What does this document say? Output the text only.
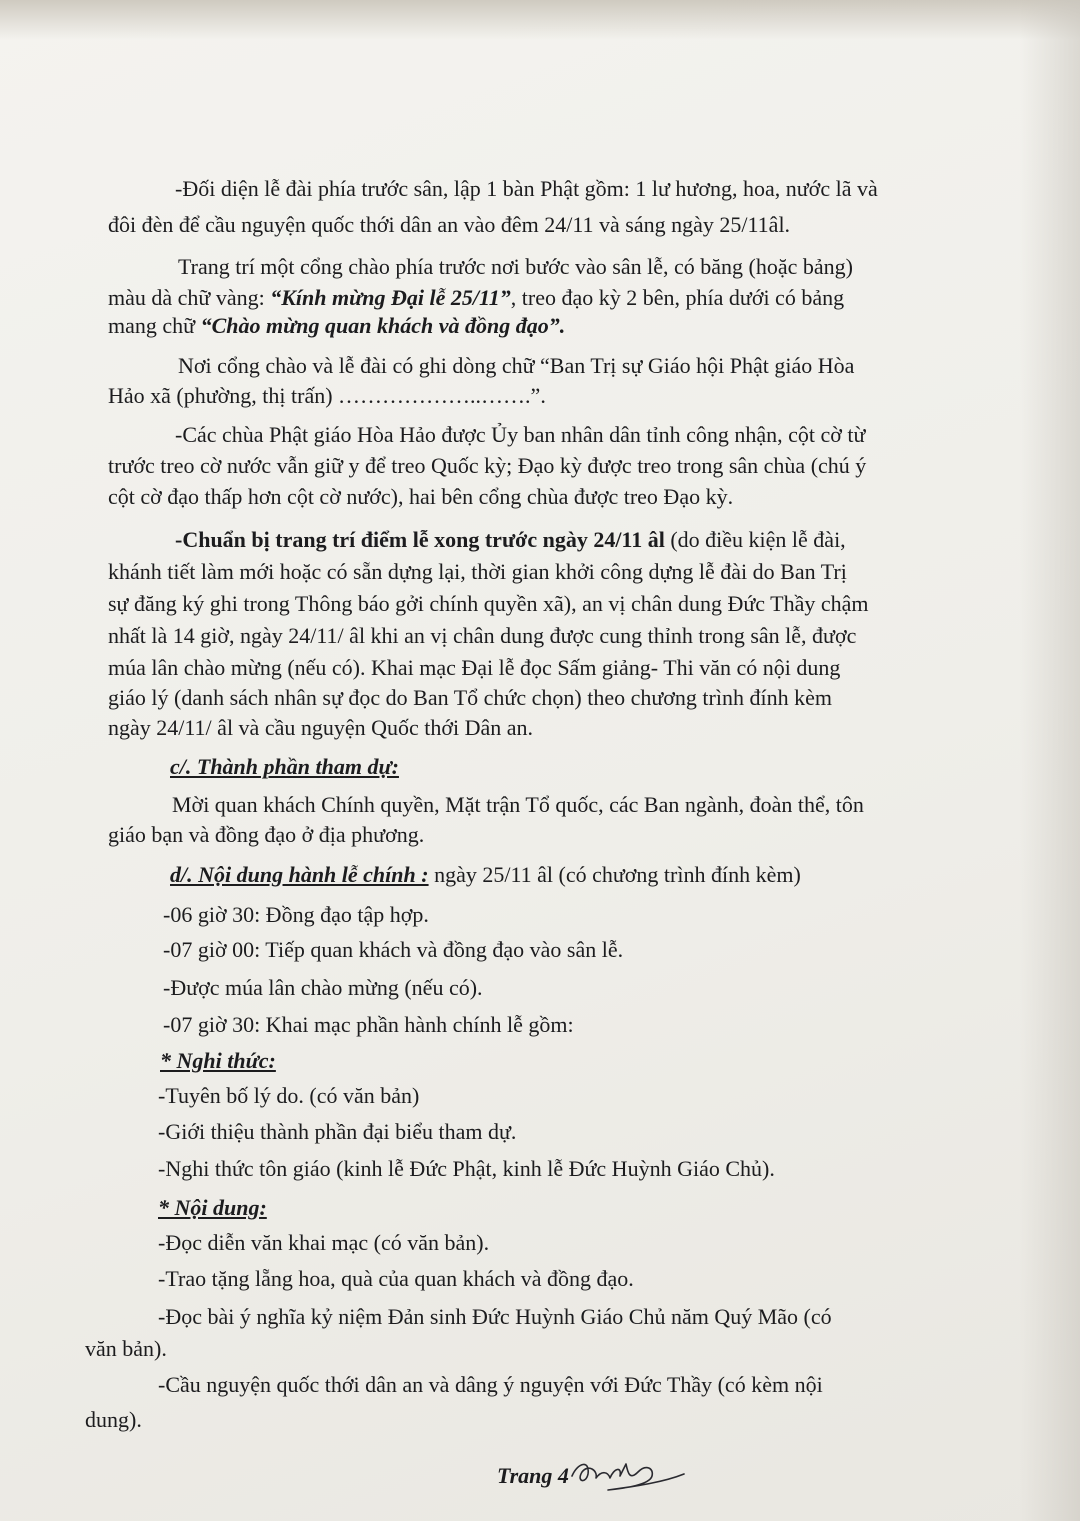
-Đối diện lễ đài phía trước sân, lập 1 bàn Phật gồm: 1 lư hương, hoa, nước lã và
đôi đèn để cầu nguyện quốc thới dân an vào đêm 24/11 và sáng ngày 25/11âl.
Trang trí một cổng chào phía trước nơi bước vào sân lễ, có băng (hoặc bảng)
màu dà chữ vàng: “Kính mừng Đại lễ 25/11”, treo đạo kỳ 2 bên, phía dưới có bảng
mang chữ “Chào mừng quan khách và đồng đạo”.
Nơi cổng chào và lễ đài có ghi dòng chữ “Ban Trị sự Giáo hội Phật giáo Hòa
Hảo xã (phường, thị trấn) ………………..…….”.
-Các chùa Phật giáo Hòa Hảo được Ủy ban nhân dân tỉnh công nhận, cột cờ từ
trước treo cờ nước vẫn giữ y để treo Quốc kỳ; Đạo kỳ được treo trong sân chùa (chú ý
cột cờ đạo thấp hơn cột cờ nước), hai bên cổng chùa được treo Đạo kỳ.
-Chuẩn bị trang trí điểm lễ xong trước ngày 24/11 âl (do điều kiện lễ đài,
khánh tiết làm mới hoặc có sẵn dựng lại, thời gian khởi công dựng lễ đài do Ban Trị
sự đăng ký ghi trong Thông báo gởi chính quyền xã), an vị chân dung Đức Thầy chậm
nhất là 14 giờ, ngày 24/11/ âl khi an vị chân dung được cung thỉnh trong sân lễ, được
múa lân chào mừng (nếu có). Khai mạc Đại lễ đọc Sấm giảng- Thi văn có nội dung
giáo lý (danh sách nhân sự đọc do Ban Tổ chức chọn) theo chương trình đính kèm
ngày 24/11/ âl và cầu nguyện Quốc thới Dân an.
c/. Thành phần tham dự:
Mời quan khách Chính quyền, Mặt trận Tổ quốc, các Ban ngành, đoàn thể, tôn
giáo bạn và đồng đạo ở địa phương.
d/. Nội dung hành lễ chính : ngày 25/11 âl (có chương trình đính kèm)
-06 giờ 30: Đồng đạo tập hợp.
-07 giờ 00: Tiếp quan khách và đồng đạo vào sân lễ.
-Được múa lân chào mừng (nếu có).
-07 giờ 30: Khai mạc phần hành chính lễ gồm:
* Nghi thức:
-Tuyên bố lý do. (có văn bản)
-Giới thiệu thành phần đại biểu tham dự.
-Nghi thức tôn giáo (kinh lễ Đức Phật, kinh lễ Đức Huỳnh Giáo Chủ).
* Nội dung:
-Đọc diễn văn khai mạc (có văn bản).
-Trao tặng lẵng hoa, quà của quan khách và đồng đạo.
-Đọc bài ý nghĩa kỷ niệm Đản sinh Đức Huỳnh Giáo Chủ năm Quý Mão (có
văn bản).
-Cầu nguyện quốc thới dân an và dâng ý nguyện với Đức Thầy (có kèm nội
dung).
Trang 4
